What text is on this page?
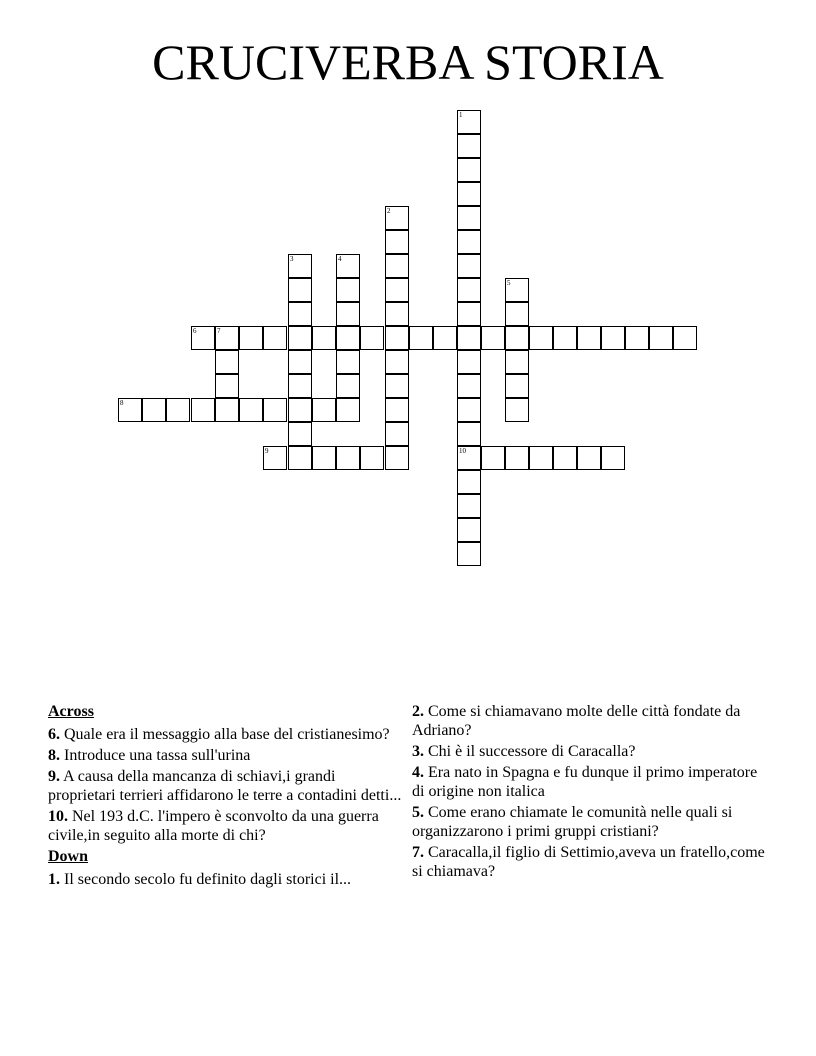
CRUCIVERBA STORIA
1
2
3	4
5
6	7
8
9	10
Across
6. Quale era il messaggio alla base del cristianesimo?
8. Introduce una tassa sull'urina
9. A causa della mancanza di schiavi,i grandi proprietari terrieri affidarono le terre a contadini detti...
10. Nel 193 d.C. l'impero è sconvolto da una guerra civile,in seguito alla morte di chi?
Down
1. Il secondo secolo fu definito dagli storici il...
2. Come si chiamavano molte delle città fondate da Adriano?
3. Chi è il successore di Caracalla?
4. Era nato in Spagna e fu dunque il primo imperatore di origine non italica
5. Come erano chiamate le comunità nelle quali si organizzarono i primi gruppi cristiani?
7. Caracalla,il figlio di Settimio,aveva un fratello,come si chiamava?
